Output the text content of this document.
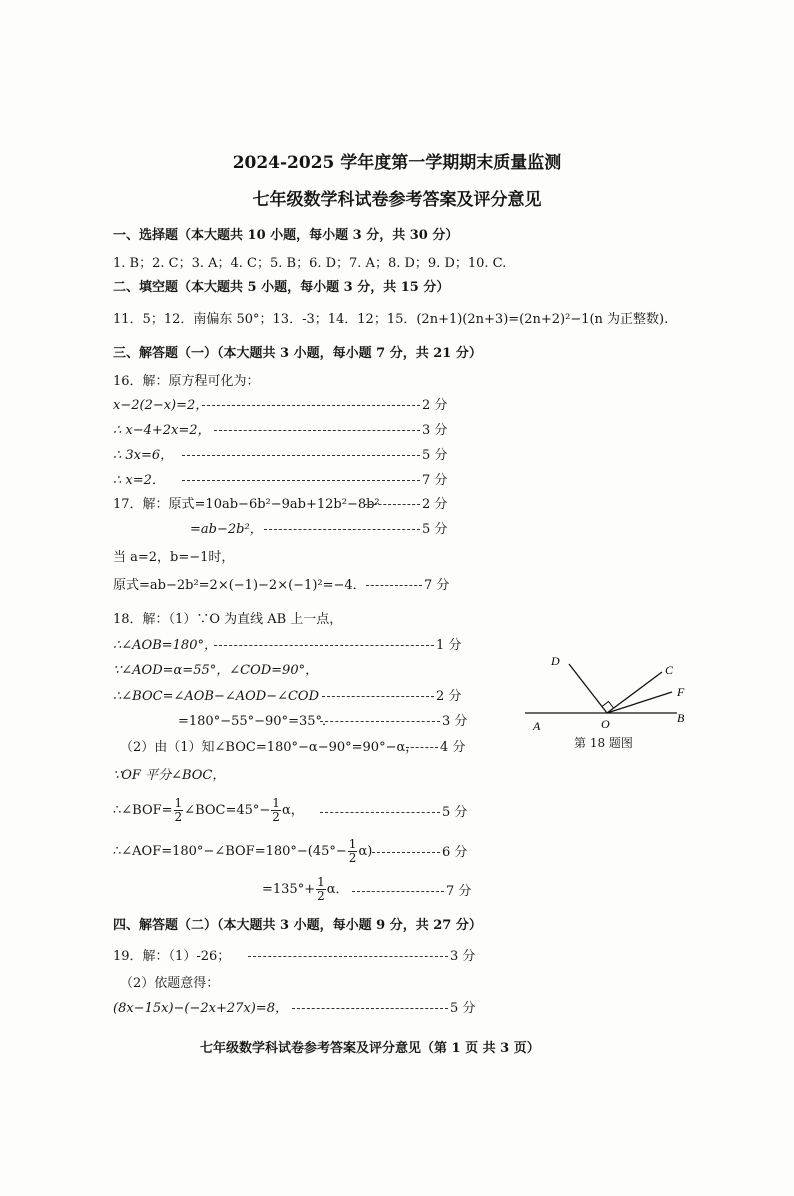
2024-2025 学年度第一学期期末质量监测
七年级数学科试卷参考答案及评分意见
一、选择题（本大题共 10 小题，每小题 3 分，共 30 分）
1. B；2. C；3. A；4. C；5. B；6. D；7. A；8. D；9. D；10. C.
二、填空题（本大题共 5 小题，每小题 3 分，共 15 分）
11．5；12．南偏东 50°；13．-3；14．12；15．(2n+1)(2n+3)=(2n+2)²−1(n 为正整数).
三、解答题（一）（本大题共 3 小题，每小题 7 分，共 21 分）
16．解：原方程可化为：
x−2(2−x)=2，	2 分
∴ x−4+2x=2，	3 分
∴ 3x=6，	5 分
∴ x=2．	7 分
17．解：原式=10ab−6b²−9ab+12b²−8b²	2 分
=ab−2b²，	5 分
当 a=2，b=−1时，
原式=ab−2b²=2×(−1)−2×(−1)²=−4．	7 分
18．解：（1）∵O 为直线 AB 上一点，
∴∠AOB=180°，	1 分
∵∠AOD=α=55°，∠COD=90°，
∴∠BOC=∠AOB−∠AOD−∠COD	2 分
=180°−55°−90°=35°．	3 分
（2）由（1）知∠BOC=180°−α−90°=90°−α， 4 分
∵OF 平分∠BOC，
∴∠BOF= $\frac{1}{2}$ ∠BOC=45°− $\frac{1}{2}$ α，	5 分
∴∠AOF=180°−∠BOF=180°−(45°− $\frac{1}{2} \alpha$)	6 分
$=135^\circ+ \frac{1}{2}$ α．	7 分
A
B
O
D
C
F
第 18 题图
四、解答题（二）（本大题共 3 小题，每小题 9 分，共 27 分）
19．解：（1）-26；	3 分
（2）依题意得：
(8x−15x)−(−2x+27x)=8，	5 分
七年级数学科试卷参考答案及评分意见（第 1 页 共 3 页）
